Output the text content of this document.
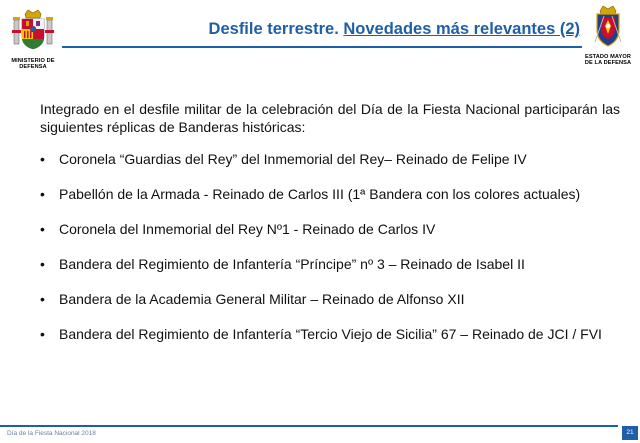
MINISTERIO DE
DEFENSA
Desfile terrestre. Novedades más relevantes (2)
ESTADO MAYOR
DE LA DEFENSA
Integrado en el desfile militar de la celebración del Día de la Fiesta Nacional participarán las siguientes réplicas de Banderas históricas:
• Coronela “Guardias del Rey” del Inmemorial del Rey– Reinado de Felipe IV
• Pabellón de la Armada - Reinado de Carlos III (1ª Bandera con los colores actuales)
• Coronela del Inmemorial del Rey Nº1 - Reinado de Carlos IV
• Bandera del Regimiento de Infantería “Príncipe” nº 3 – Reinado de Isabel II
• Bandera de la Academia General Militar – Reinado de Alfonso XII
• Bandera del Regimiento de Infantería “Tercio Viejo de Sicilia” 67 – Reinado de JCI / FVI
Día de la Fiesta Nacional 2018	21
